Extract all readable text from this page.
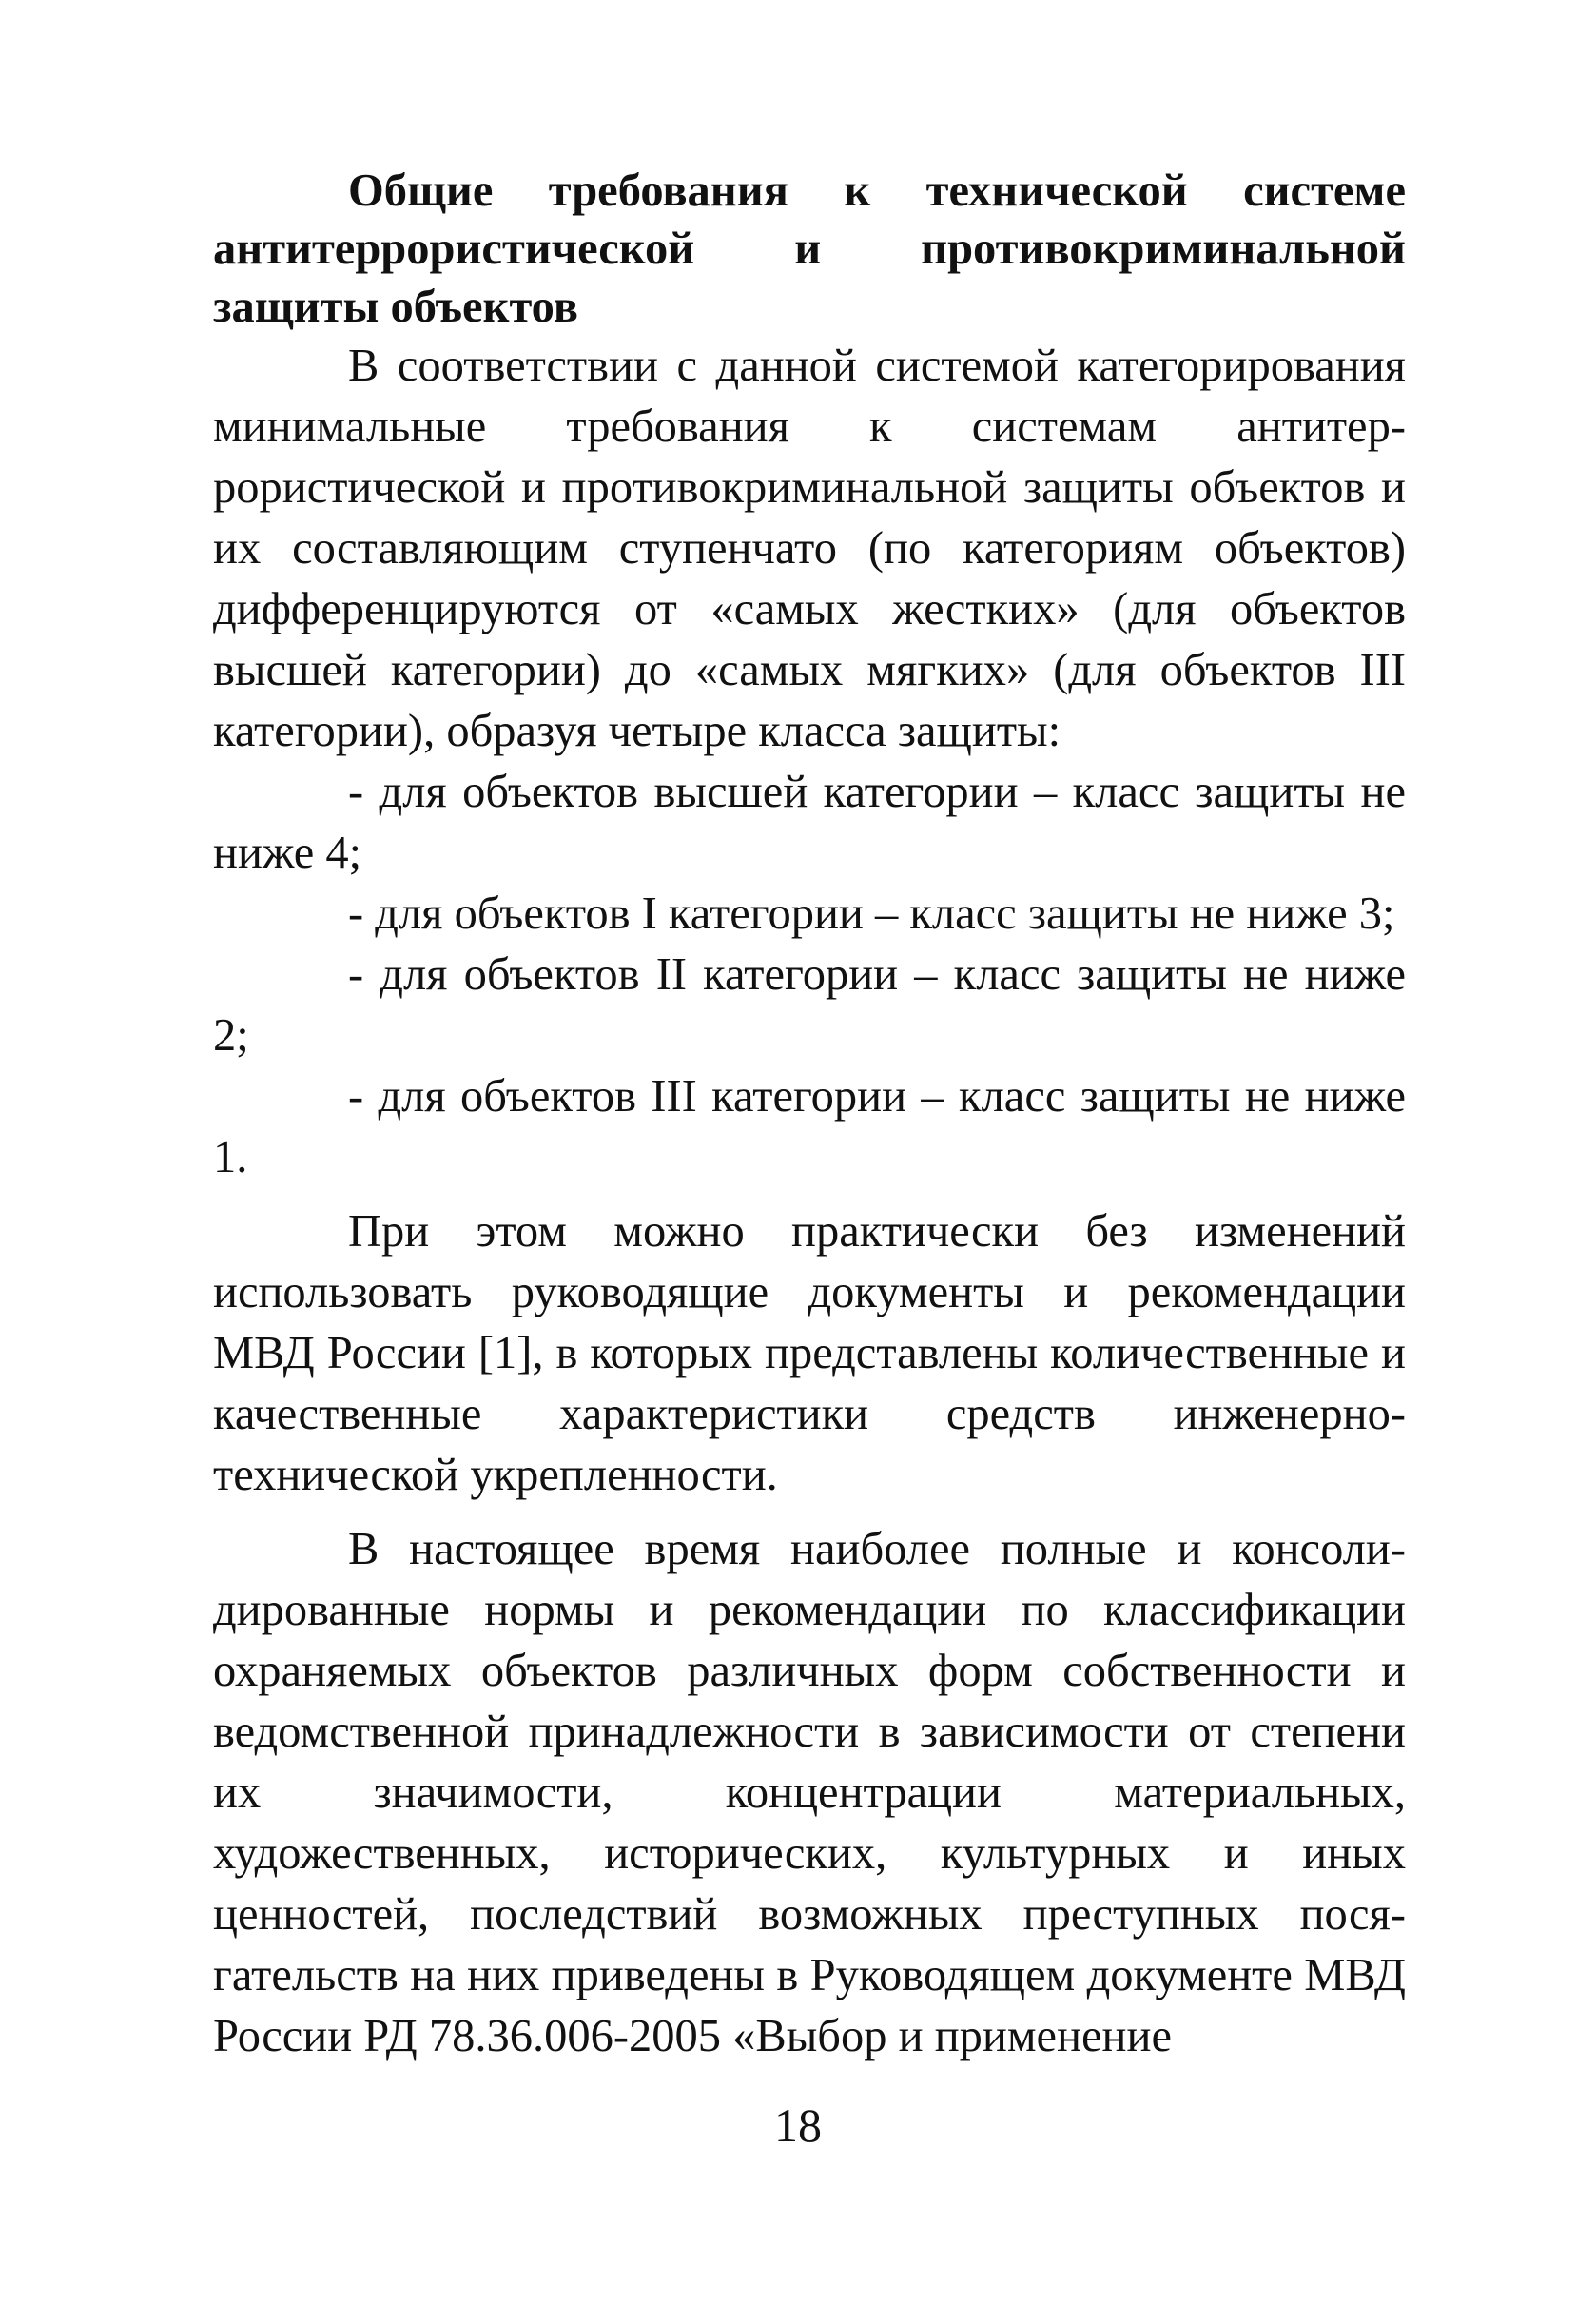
Общие требования к технической системе антитеррористической и противокриминальной защиты объектов

В соответствии с данной системой категорирования минимальные требования к системам антитеррористической и противокриминальной защиты объектов и их составляющим ступенчато (по категориям объектов) дифференцируются от «самых жестких» (для объектов высшей категории) до «самых мягких» (для объектов III категории), образуя четыре класса защиты:

- для объектов высшей категории – класс защиты не ниже 4;

- для объектов I категории – класс защиты не ниже 3;

- для объектов II категории – класс защиты не ниже 2;

- для объектов III категории – класс защиты не ниже 1.

При этом можно практически без изменений использовать руководящие документы и рекомендации МВД России [1], в которых представлены количественные и качественные характеристики средств инженерно-технической укрепленности.

В настоящее время наиболее полные и консолидированные нормы и рекомендации по классификации охраняемых объектов различных форм собственности и ведомственной принадлежности в зависимости от степени их значимости, концентрации материальных, художественных, исторических, культурных и иных ценностей, последствий возможных преступных посягательств на них приведены в Руководящем документе МВД России РД 78.36.006-2005 «Выбор и применение

18
